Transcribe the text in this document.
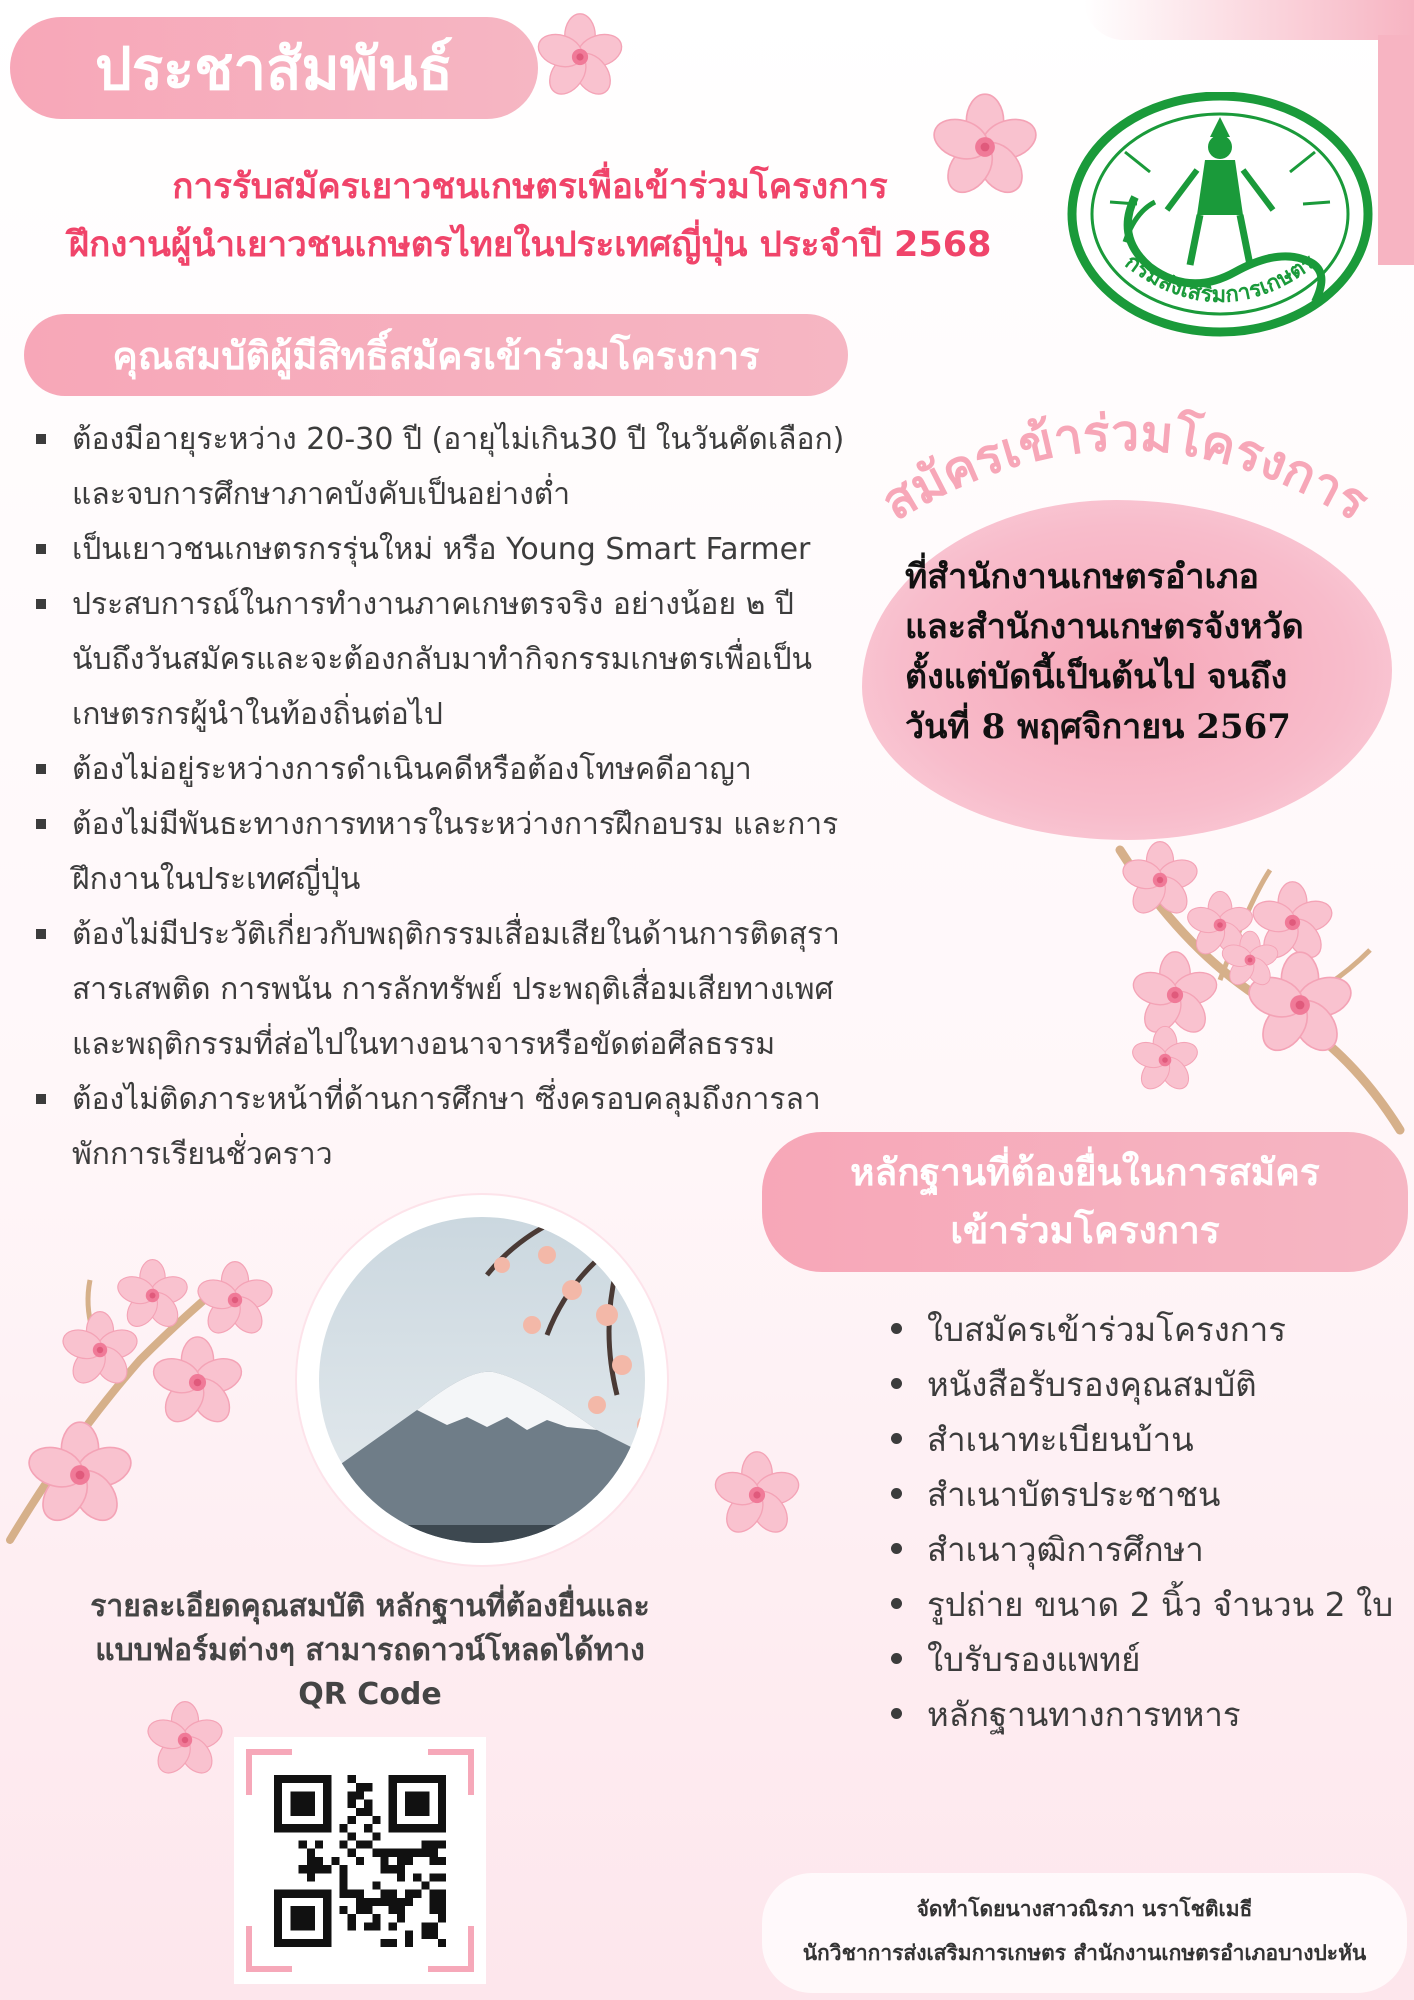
ประชาสัมพันธ์
การรับสมัครเยาวชนเกษตรเพื่อเข้าร่วมโครงการ
ฝึกงานผู้นำเยาวชนเกษตรไทยในประเทศญี่ปุ่น ประจำปี 2568	กรมส่งเสริมการเกษตร
คุณสมบัติผู้มีสิทธิ์สมัครเข้าร่วมโครงการ
ต้องมีอายุระหว่าง 20-30 ปี (อายุไม่เกิน30 ปี ในวันคัดเลือก)
และจบการศึกษาภาคบังคับเป็นอย่างต่ำ
เป็นเยาวชนเกษตรกรรุ่นใหม่ หรือ Young Smart Farmer
ประสบการณ์ในการทำงานภาคเกษตรจริง อย่างน้อย ๒ ปี
นับถึงวันสมัครและจะต้องกลับมาทำกิจกรรมเกษตรเพื่อเป็น
เกษตรกรผู้นำในท้องถิ่นต่อไป
ต้องไม่อยู่ระหว่างการดำเนินคดีหรือต้องโทษคดีอาญา
ต้องไม่มีพันธะทางการทหารในระหว่างการฝึกอบรม และการ
ฝึกงานในประเทศญี่ปุ่น
ต้องไม่มีประวัติเกี่ยวกับพฤติกรรมเสื่อมเสียในด้านการติดสุรา
สารเสพติด การพนัน การลักทรัพย์ ประพฤติเสื่อมเสียทางเพศ
และพฤติกรรมที่ส่อไปในทางอนาจารหรือขัดต่อศีลธรรม
ต้องไม่ติดภาระหน้าที่ด้านการศึกษา ซึ่งครอบคลุมถึงการลา
พักการเรียนชั่วคราว
สมัครเข้าร่วมโครงการ
ที่สำนักงานเกษตรอำเภอ
และสำนักงานเกษตรจังหวัด
ตั้งแต่บัดนี้เป็นต้นไป จนถึง
วันที่ 8 พฤศจิกายน 2567
หลักฐานที่ต้องยื่นในการสมัคร
เข้าร่วมโครงการ
ใบสมัครเข้าร่วมโครงการ
หนังสือรับรองคุณสมบัติ
สำเนาทะเบียนบ้าน
สำเนาบัตรประชาชน
สำเนาวุฒิการศึกษา
รูปถ่าย ขนาด 2 นิ้ว จำนวน 2 ใบ
ใบรับรองแพทย์
หลักฐานทางการทหาร
รายละเอียดคุณสมบัติ หลักฐานที่ต้องยื่นและ
แบบฟอร์มต่างๆ สามารถดาวน์โหลดได้ทาง
QR Code
จัดทำโดยนางสาวณิรภา นราโชติเมธี
นักวิชาการส่งเสริมการเกษตร สำนักงานเกษตรอำเภอบางปะหัน
